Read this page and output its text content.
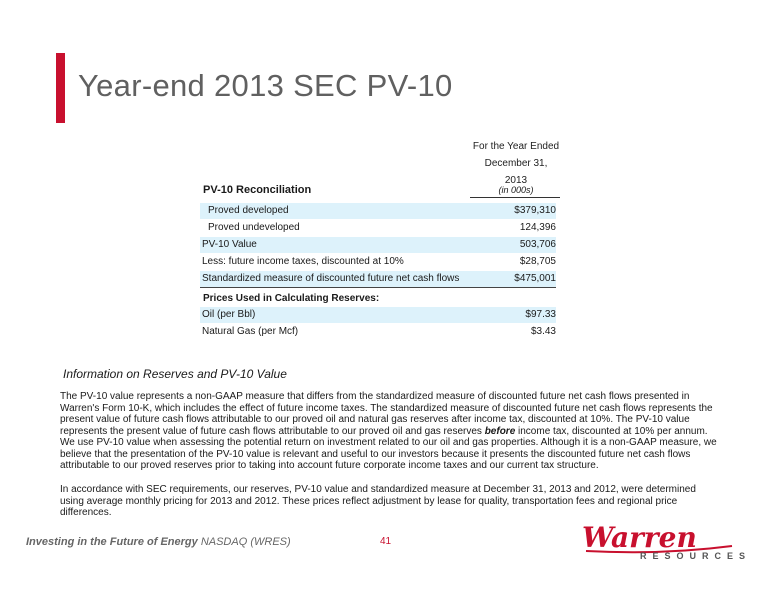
Year-end 2013 SEC PV-10
For the Year Ended
December 31,
2013
PV-10 Reconciliation	(in 000s)
Proved developed	$379,310
Proved undeveloped	124,396
PV-10 Value	503,706
Less: future income taxes, discounted at 10%	$28,705
Standardized measure of discounted future net cash flows	$475,001
Prices Used in Calculating Reserves:
Oil (per Bbl)	$97.33
Natural Gas (per Mcf)	$3.43
Information on Reserves and PV-10 Value
The PV-10 value represents a non-GAAP measure that differs from the standardized measure of discounted future net cash flows presented in Warren's Form 10-K, which includes the effect of future income taxes. The standardized measure of discounted future net cash flows represents the present value of future cash flows attributable to our proved oil and natural gas reserves after income tax, discounted at 10%. The PV-10 value represents the present value of future cash flows attributable to our proved oil and gas reserves before income tax, discounted at 10% per annum. We use PV-10 value when assessing the potential return on investment related to our oil and gas properties. Although it is a non-GAAP measure, we believe that the presentation of the PV-10 value is relevant and useful to our investors because it presents the discounted future net cash flows attributable to our proved reserves prior to taking into account future corporate income taxes and our current tax structure.
In accordance with SEC requirements, our reserves, PV-10 value and standardized measure at December 31, 2013 and 2012, were determined using average monthly pricing for 2013 and 2012. These prices reflect adjustment by lease for quality, transportation fees and regional price differences.
Investing in the Future of Energy NASDAQ (WRES)	41	Warren
RESOURCES
